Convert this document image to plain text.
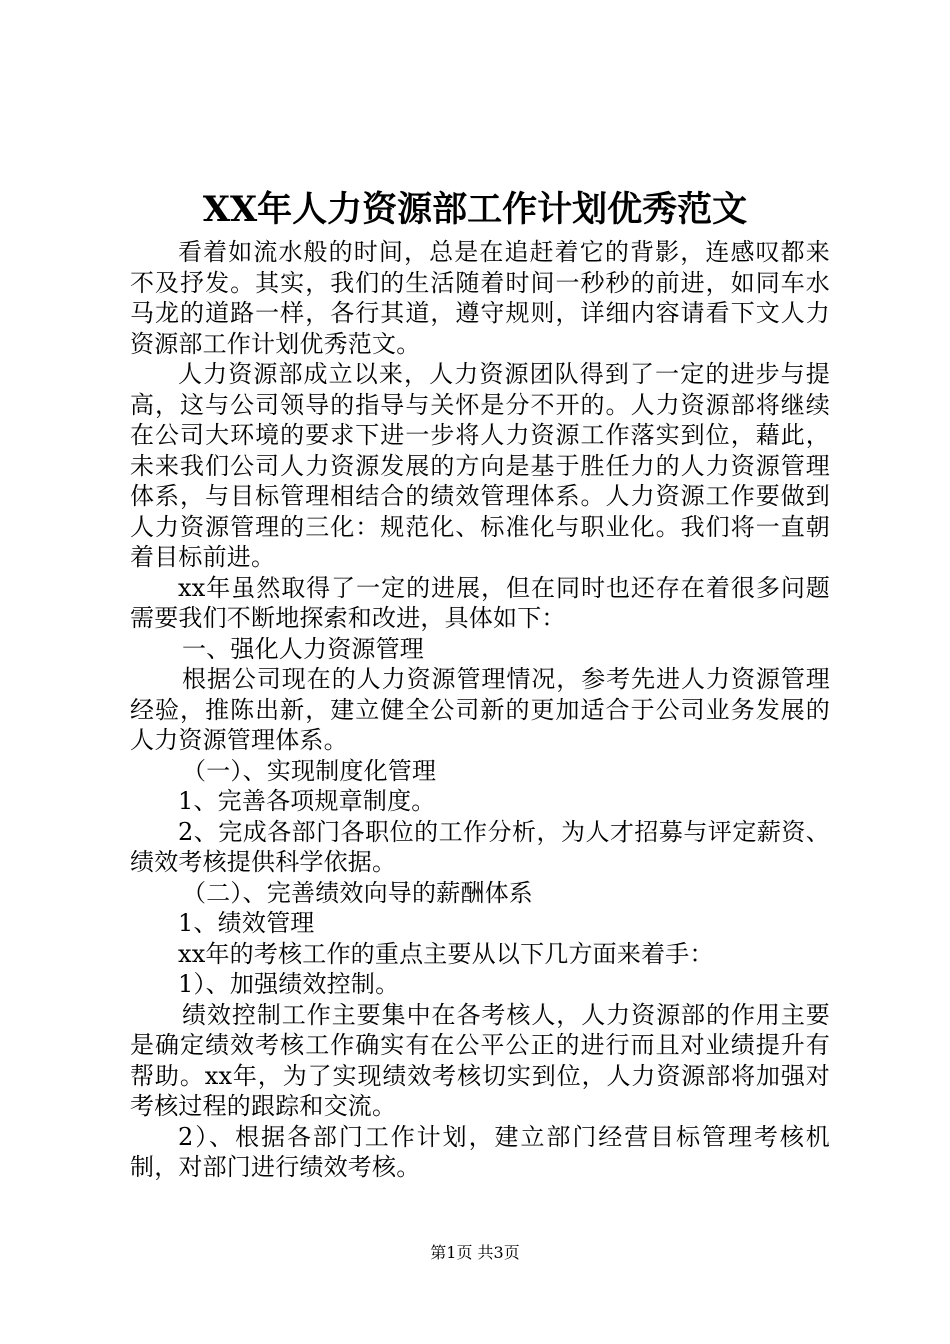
XX年人力资源部工作计划优秀范文

看着如流水般的时间，总是在追赶着它的背影，连感叹都来不及抒发。其实，我们的生活随着时间一秒秒的前进，如同车水马龙的道路一样，各行其道，遵守规则，详细内容请看下文人力资源部工作计划优秀范文。

人力资源部成立以来，人力资源团队得到了一定的进步与提高，这与公司领导的指导与关怀是分不开的。人力资源部将继续在公司大环境的要求下进一步将人力资源工作落实到位，藉此，未来我们公司人力资源发展的方向是基于胜任力的人力资源管理体系，与目标管理相结合的绩效管理体系。人力资源工作要做到人力资源管理的三化：规范化、标准化与职业化。我们将一直朝着目标前进。

xx年虽然取得了一定的进展，但在同时也还存在着很多问题需要我们不断地探索和改进，具体如下：

一、强化人力资源管理

根据公司现在的人力资源管理情况，参考先进人力资源管理经验，推陈出新，建立健全公司新的更加适合于公司业务发展的人力资源管理体系。

（一）、实现制度化管理

1、完善各项规章制度。

2、完成各部门各职位的工作分析，为人才招募与评定薪资、绩效考核提供科学依据。

（二）、完善绩效向导的薪酬体系

1、绩效管理

xx年的考核工作的重点主要从以下几方面来着手：

1）、加强绩效控制。

绩效控制工作主要集中在各考核人，人力资源部的作用主要是确定绩效考核工作确实有在公平公正的进行而且对业绩提升有帮助。xx年，为了实现绩效考核切实到位，人力资源部将加强对考核过程的跟踪和交流。

2）、根据各部门工作计划，建立部门经营目标管理考核机制，对部门进行绩效考核。

第1页 共3页
